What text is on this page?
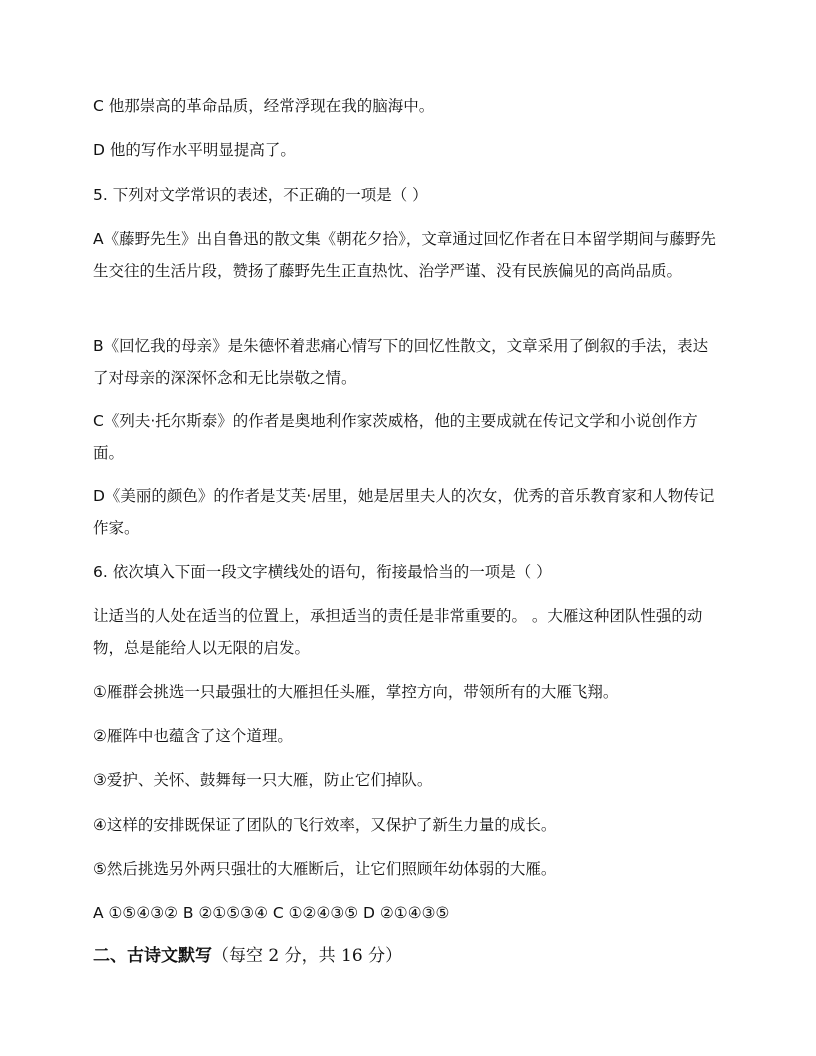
C 他那崇高的革命品质，经常浮现在我的脑海中。
D 他的写作水平明显提高了。
5. 下列对文学常识的表述，不正确的一项是（ ）
A《藤野先生》出自鲁迅的散文集《朝花夕拾》，文章通过回忆作者在日本留学期间与藤野先生交往的生活片段，赞扬了藤野先生正直热忱、治学严谨、没有民族偏见的高尚品质。
B《回忆我的母亲》是朱德怀着悲痛心情写下的回忆性散文，文章采用了倒叙的手法，表达了对母亲的深深怀念和无比崇敬之情。
C《列夫·托尔斯泰》的作者是奥地利作家茨威格，他的主要成就在传记文学和小说创作方面。
D《美丽的颜色》的作者是艾芙·居里，她是居里夫人的次女，优秀的音乐教育家和人物传记作家。
6. 依次填入下面一段文字横线处的语句，衔接最恰当的一项是（ ）
让适当的人处在适当的位置上，承担适当的责任是非常重要的。 。大雁这种团队性强的动物，总是能给人以无限的启发。
①雁群会挑选一只最强壮的大雁担任头雁，掌控方向，带领所有的大雁飞翔。
②雁阵中也蕴含了这个道理。
③爱护、关怀、鼓舞每一只大雁，防止它们掉队。
④这样的安排既保证了团队的飞行效率，又保护了新生力量的成长。
⑤然后挑选另外两只强壮的大雁断后，让它们照顾年幼体弱的大雁。
A ①⑤④③② B ②①⑤③④ C ①②④③⑤ D ②①④③⑤
二、古诗文默写（每空 2 分，共 16 分）
